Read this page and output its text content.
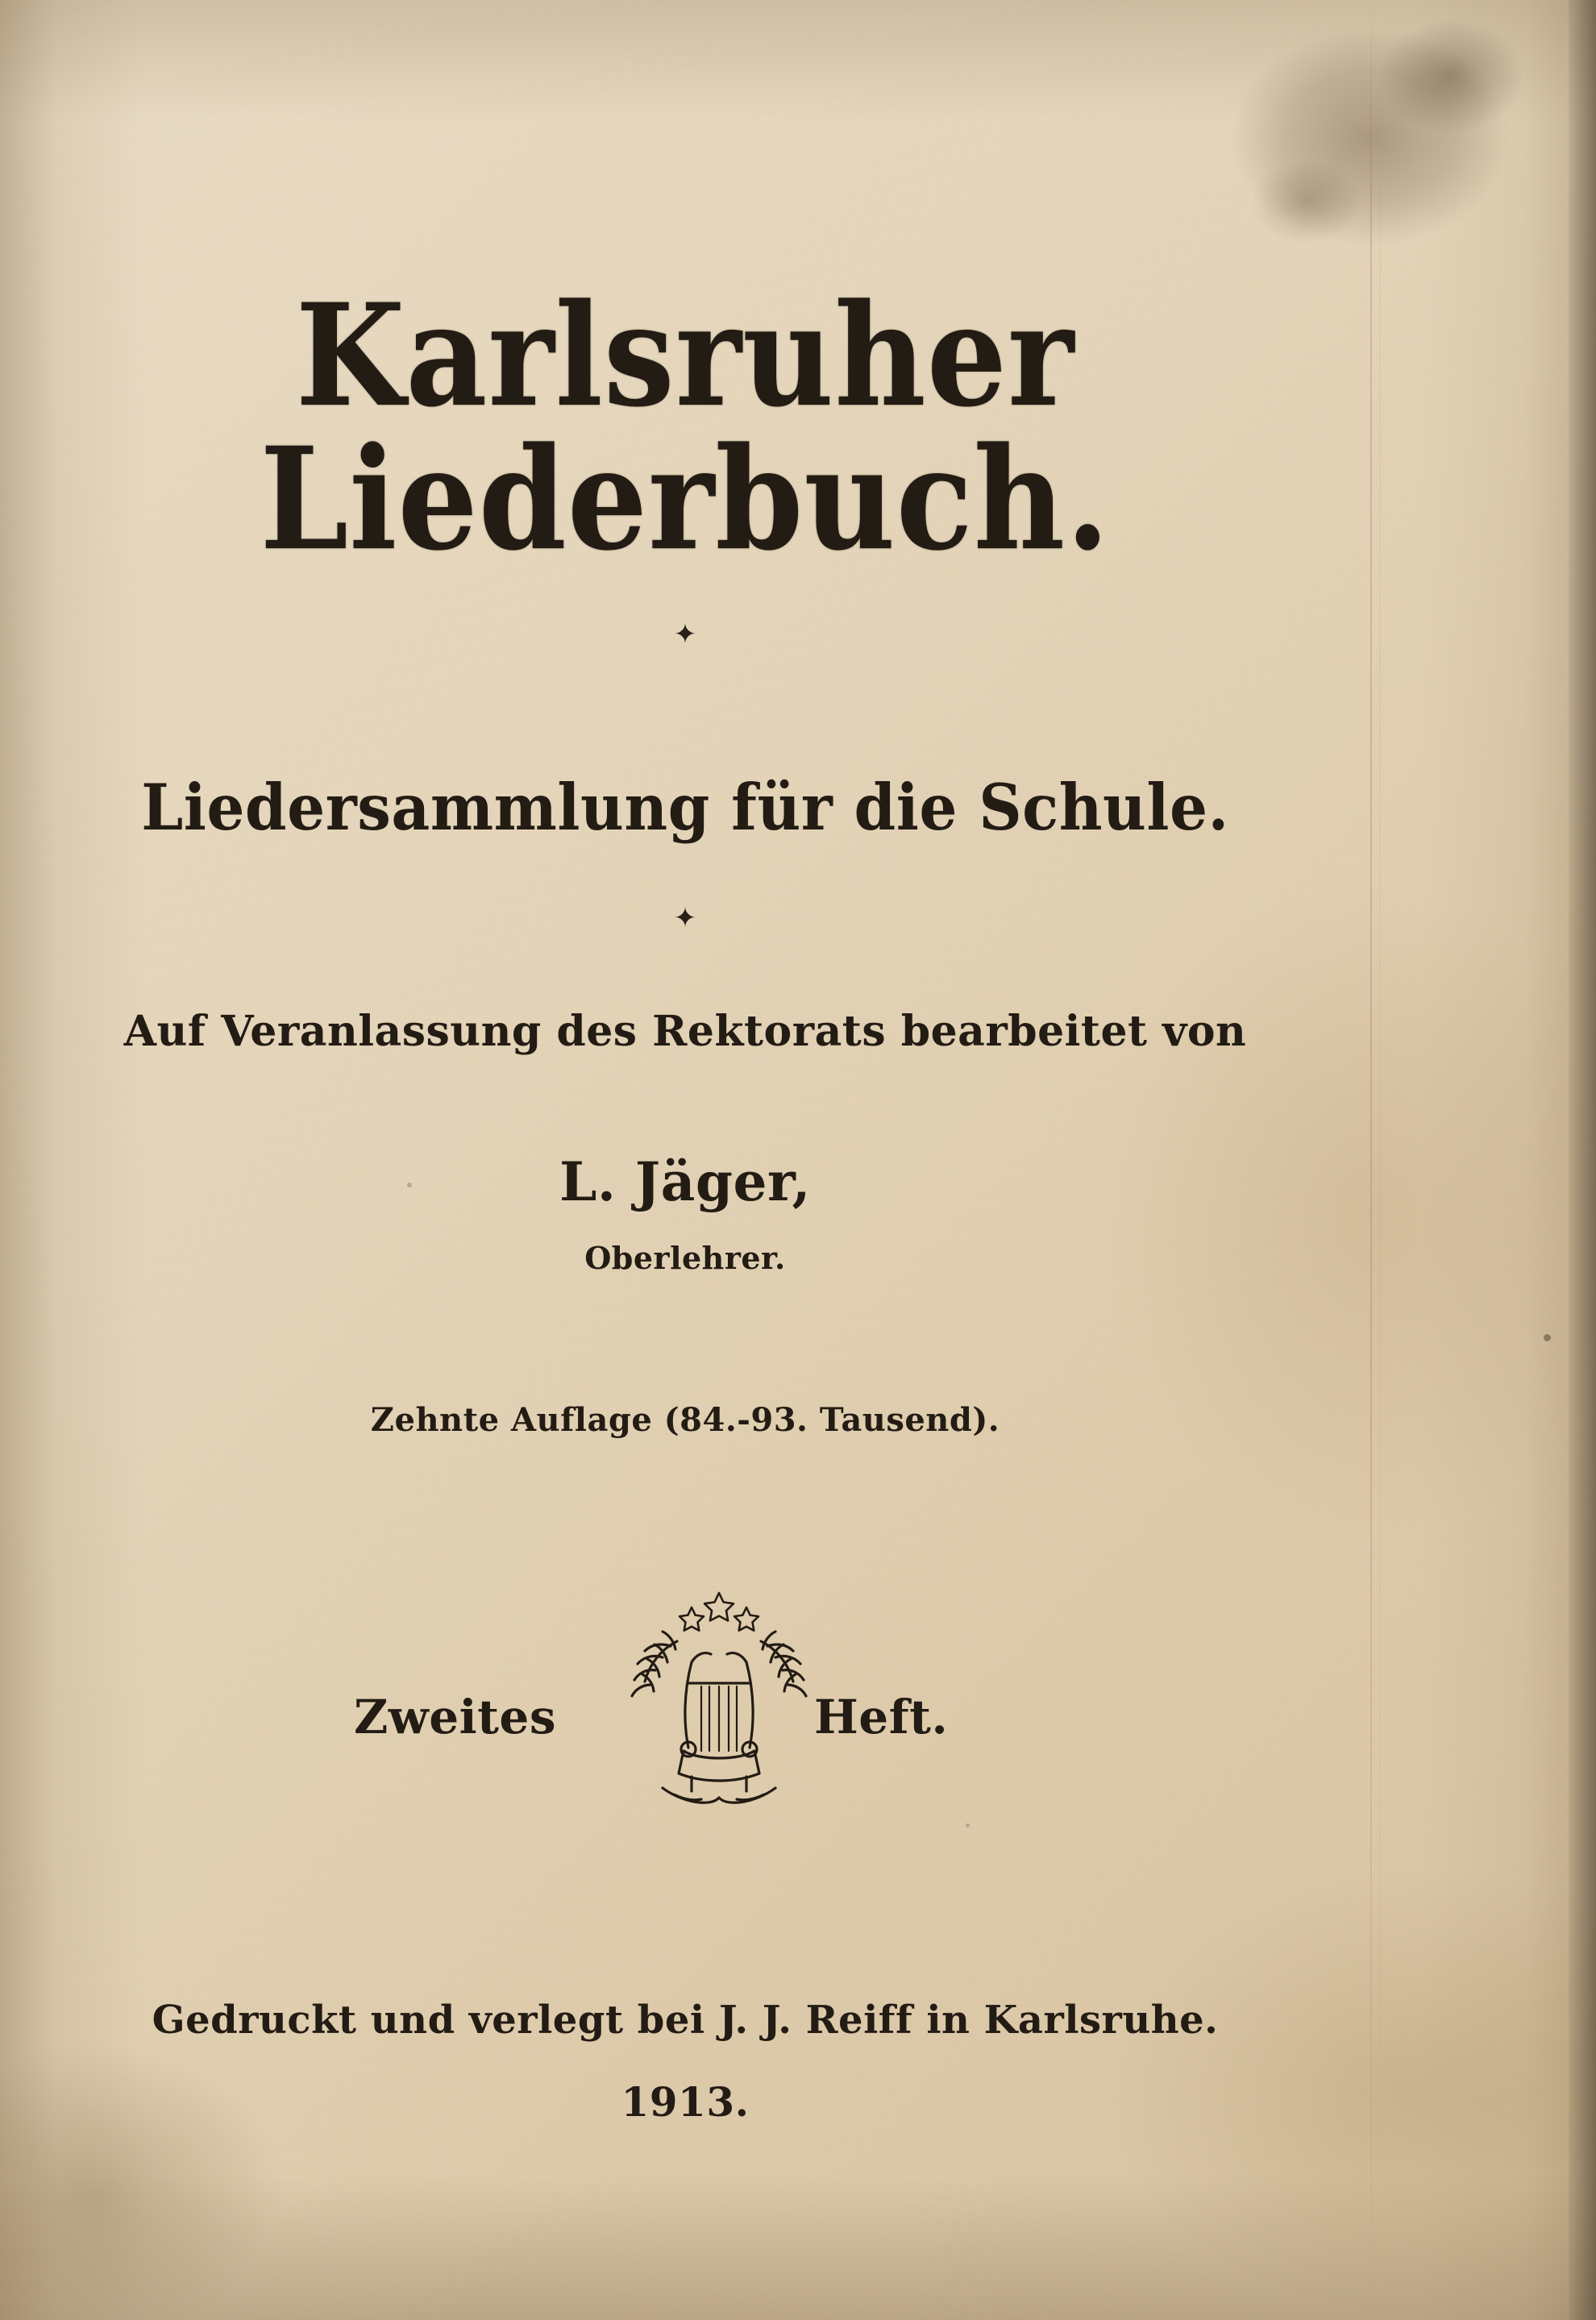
Karlsruher Liederbuch.
✦
Liedersammlung für die Schule.
✦
Auf Veranlassung des Rektorats bearbeitet von
L. Jäger,
Oberlehrer.
Zehnte Auflage (84.-93. Tausend).
Zweites	Heft.
Gedruckt und verlegt bei J. J. Reiff in Karlsruhe.
1913.
